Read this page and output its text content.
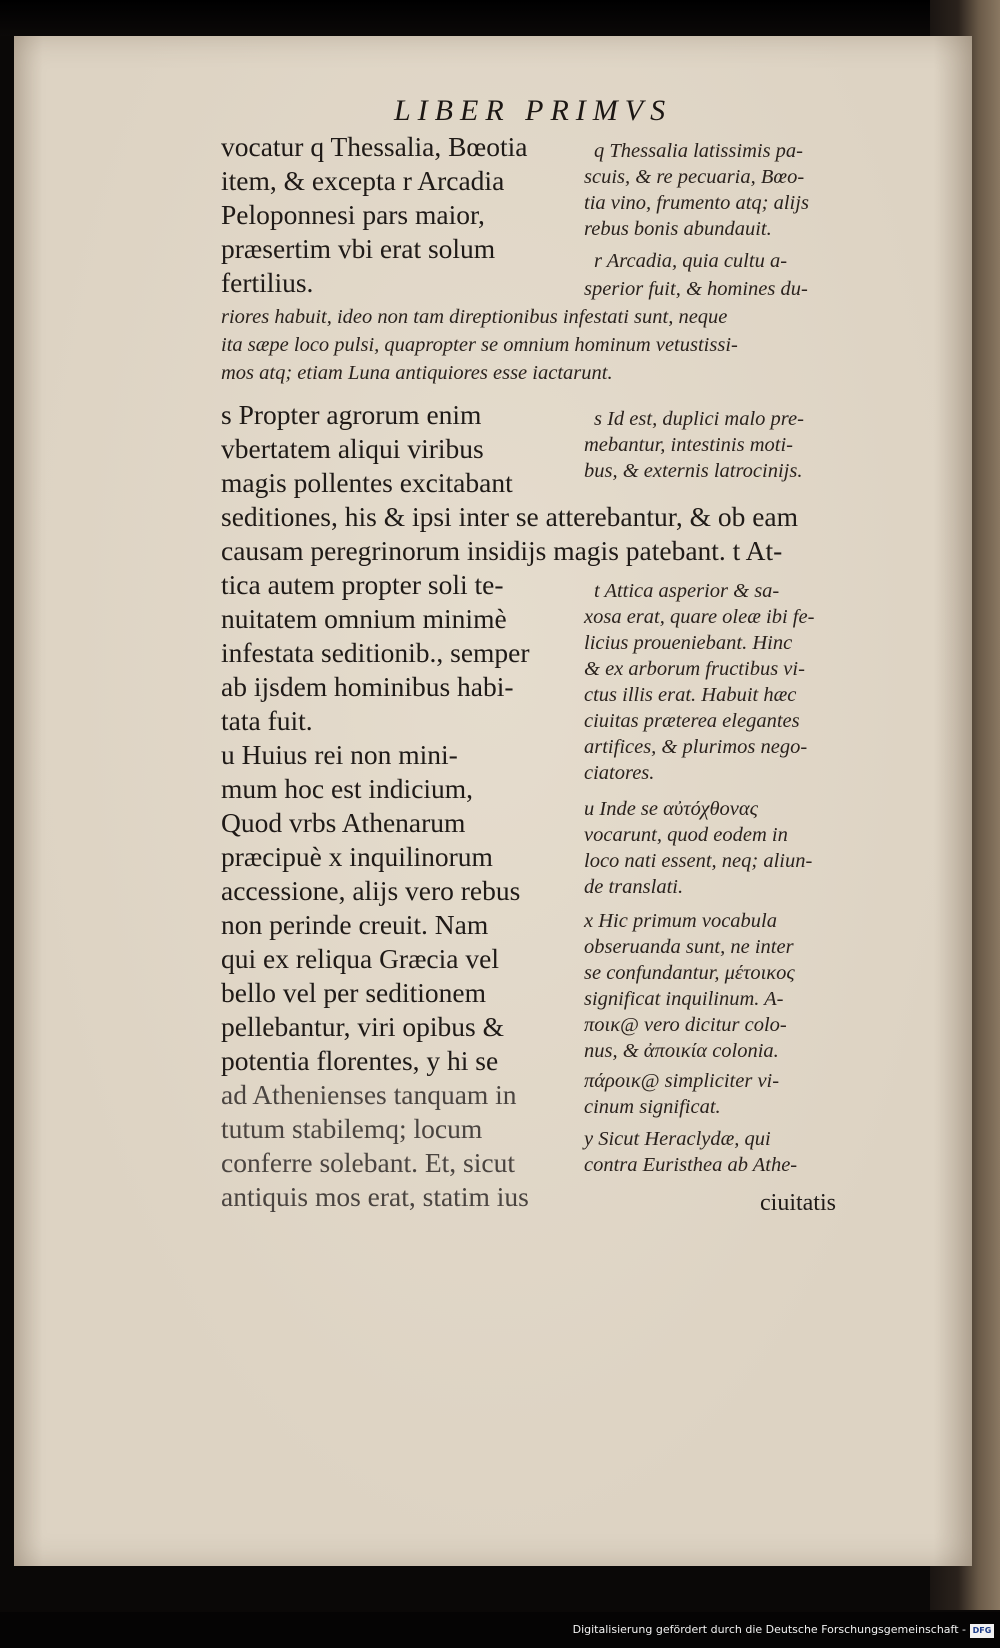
LIBER PRIMVS
vocatur q Thessalia, Bœotia
item, & excepta r Arcadia
Peloponnesi pars maior,
præsertim vbi erat solum
fertilius.
q Thessalia latissimis pa-
scuis, & re pecuaria, Bœo-
tia vino, frumento atq; alijs
rebus bonis abundauit.
r Arcadia, quia cultu a-
sperior fuit, & homines du-
riores habuit, ideo non tam direptionibus infestati sunt, neque
ita sæpe loco pulsi, quapropter se omnium hominum vetustissi-
mos atq; etiam Luna antiquiores esse iactarunt.
s Propter agrorum enim
vbertatem aliqui viribus
magis pollentes excitabant
s Id est, duplici malo pre-
mebantur, intestinis moti-
bus, & externis latrocinijs.
seditiones, his & ipsi inter se atterebantur, & ob eam
causam peregrinorum insidijs magis patebant. t At-
tica autem propter soli te-
nuitatem omnium minimè
infestata seditionib., semper
ab ijsdem hominibus habi-
tata fuit.
u Huius rei non mini-
mum hoc est indicium,
Quod vrbs Athenarum
præcipuè x inquilinorum
accessione, alijs vero rebus
non perinde creuit. Nam
qui ex reliqua Græcia vel
bello vel per seditionem
pellebantur, viri opibus &
potentia florentes, y hi se
ad Athenienses tanquam in
tutum stabilemq; locum
conferre solebant. Et, sicut
antiquis mos erat, statim ius
t Attica asperior & sa-
xosa erat, quare oleæ ibi fe-
licius proueniebant. Hinc
& ex arborum fructibus vi-
ctus illis erat. Habuit hæc
ciuitas præterea elegantes
artifices, & plurimos nego-
ciatores.
u Inde se αὐτόχθονας
vocarunt, quod eodem in
loco nati essent, neq; aliun-
de translati.
x Hic primum vocabula
obseruanda sunt, ne inter
se confundantur, μέτοικος
significat inquilinum. A-
ποικ@ vero dicitur colo-
nus, & ἀποικία colonia.
πάροικ@ simpliciter vi-
cinum significat.
y Sicut Heraclydæ, qui
contra Euristhea ab Athe-
ciuitatis
Digitalisierung gefördert durch die Deutsche Forschungsgemeinschaft - DFG
